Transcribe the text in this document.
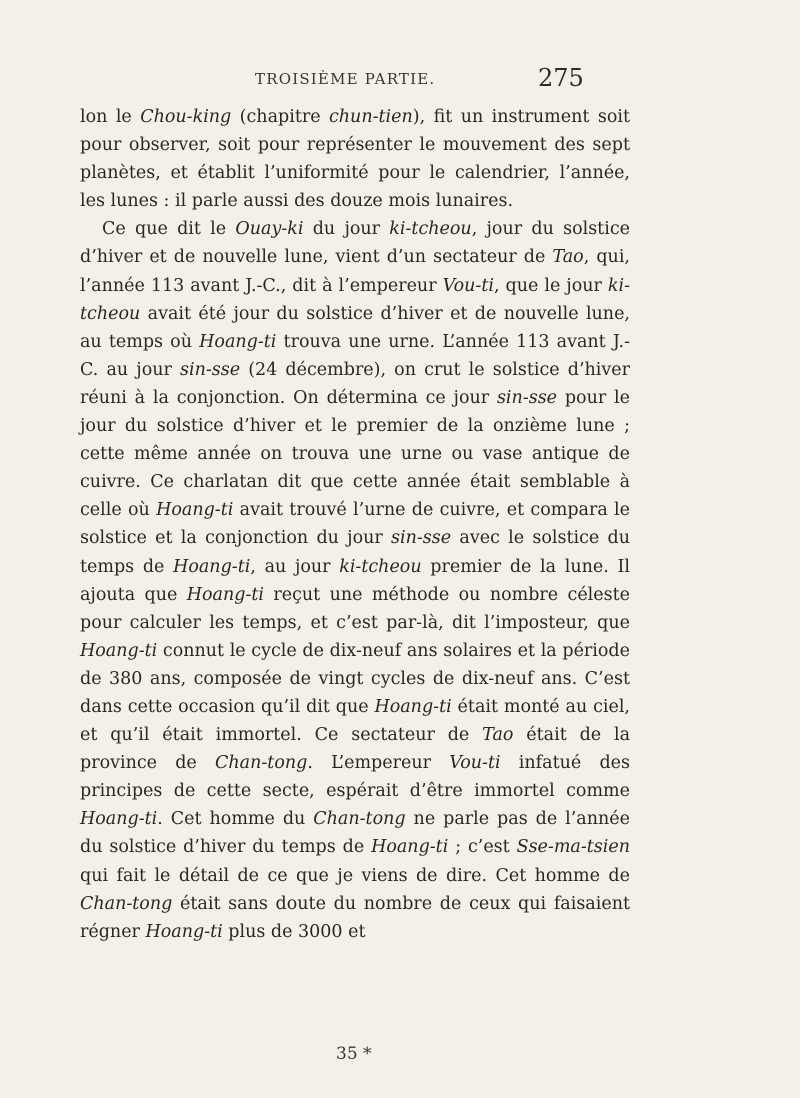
TROISIÈME PARTIE.	275

lon le Chou-king (chapitre chun-tien), fit un instrument soit pour observer, soit pour représenter le mouvement des sept planètes, et établit l’uniformité pour le calendrier, l’année, les lunes : il parle aussi des douze mois lunaires.

Ce que dit le Ouay-ki du jour ki-tcheou, jour du solstice d’hiver et de nouvelle lune, vient d’un sectateur de Tao, qui, l’année 113 avant J.-C., dit à l’empereur Vou-ti, que le jour ki-tcheou avait été jour du solstice d’hiver et de nouvelle lune, au temps où Hoang-ti trouva une urne. L’année 113 avant J.-C. au jour sin-sse (24 décembre), on crut le solstice d’hiver réuni à la conjonction. On détermina ce jour sin-sse pour le jour du solstice d’hiver et le premier de la onzième lune ; cette même année on trouva une urne ou vase antique de cuivre. Ce charlatan dit que cette année était semblable à celle où Hoang-ti avait trouvé l’urne de cuivre, et compara le solstice et la conjonction du jour sin-sse avec le solstice du temps de Hoang-ti, au jour ki-tcheou premier de la lune. Il ajouta que Hoang-ti reçut une méthode ou nombre céleste pour calculer les temps, et c’est par-là, dit l’imposteur, que Hoang-ti connut le cycle de dix-neuf ans solaires et la période de 380 ans, composée de vingt cycles de dix-neuf ans. C’est dans cette occasion qu’il dit que Hoang-ti était monté au ciel, et qu’il était immortel. Ce sectateur de Tao était de la province de Chan-tong. L’empereur Vou-ti infatué des principes de cette secte, espérait d’être immortel comme Hoang-ti. Cet homme du Chan-tong ne parle pas de l’année du solstice d’hiver du temps de Hoang-ti ; c’est Sse-ma-tsien qui fait le détail de ce que je viens de dire. Cet homme de Chan-tong était sans doute du nombre de ceux qui faisaient régner Hoang-ti plus de 3000 et

35 *
